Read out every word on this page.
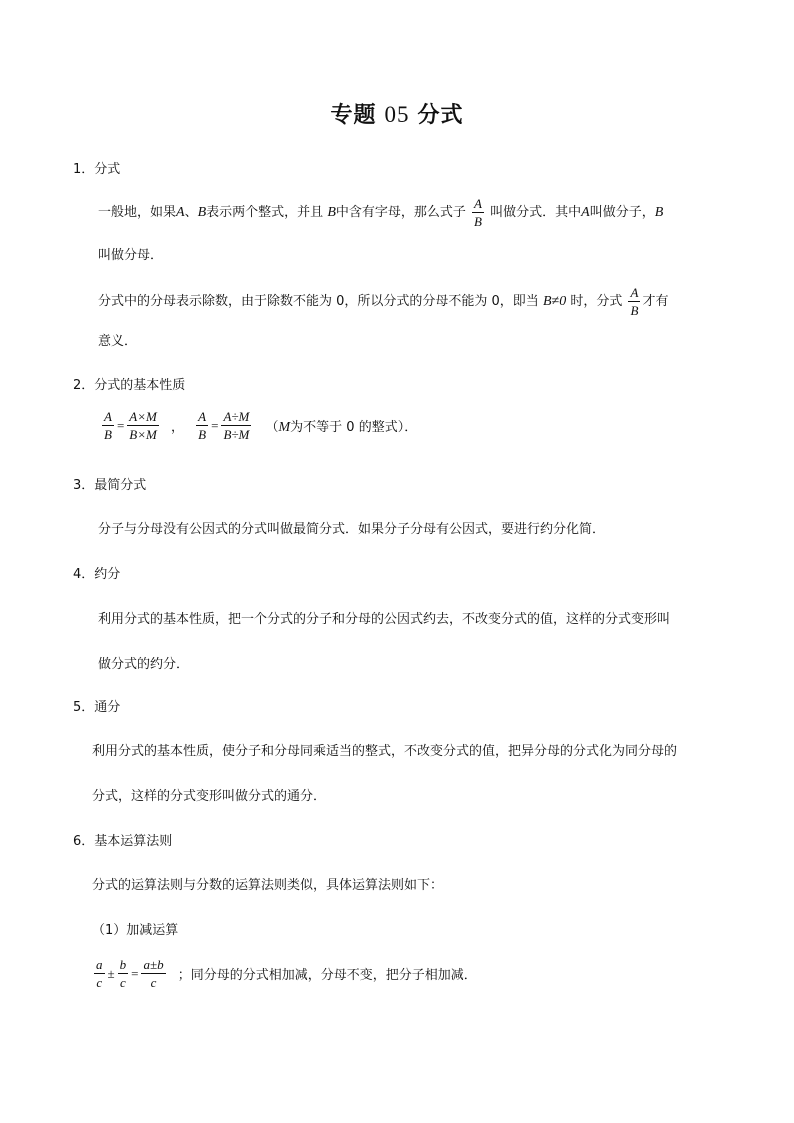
专题 05 分式
1．分式
一般地，如果A、B表示两个整式，并且 B中含有字母，那么式子 $\frac{A}{B}$ 叫做分式．其中A叫做分子，B
叫做分母．
分式中的分母表示除数，由于除数不能为 0，所以分式的分母不能为 0，即当 B≠0 时，分式 $\frac{A}{B}$ 才有
意义．
2．分式的基本性质
$\frac{A}{B} = \frac{A\times M}{B\times M}$ ， $\frac{A}{B} = \frac{A\div M}{B\div M} (M$为不等于 0 的整式）．
3．最简分式
分子与分母没有公因式的分式叫做最简分式．如果分子分母有公因式，要进行约分化简．
4．约分
利用分式的基本性质，把一个分式的分子和分母的公因式约去，不改变分式的值，这样的分式变形叫
做分式的约分．
5．通分
利用分式的基本性质，使分子和分母同乘适当的整式，不改变分式的值，把异分母的分式化为同分母的
分式，这样的分式变形叫做分式的通分．
6．基本运算法则
分式的运算法则与分数的运算法则类似，具体运算法则如下：
（1）加减运算
$\frac{a}{c} \pm \frac{b}{c} = \frac{a\pm b}{c}$ ；同分母的分式相加减，分母不变，把分子相加减．
